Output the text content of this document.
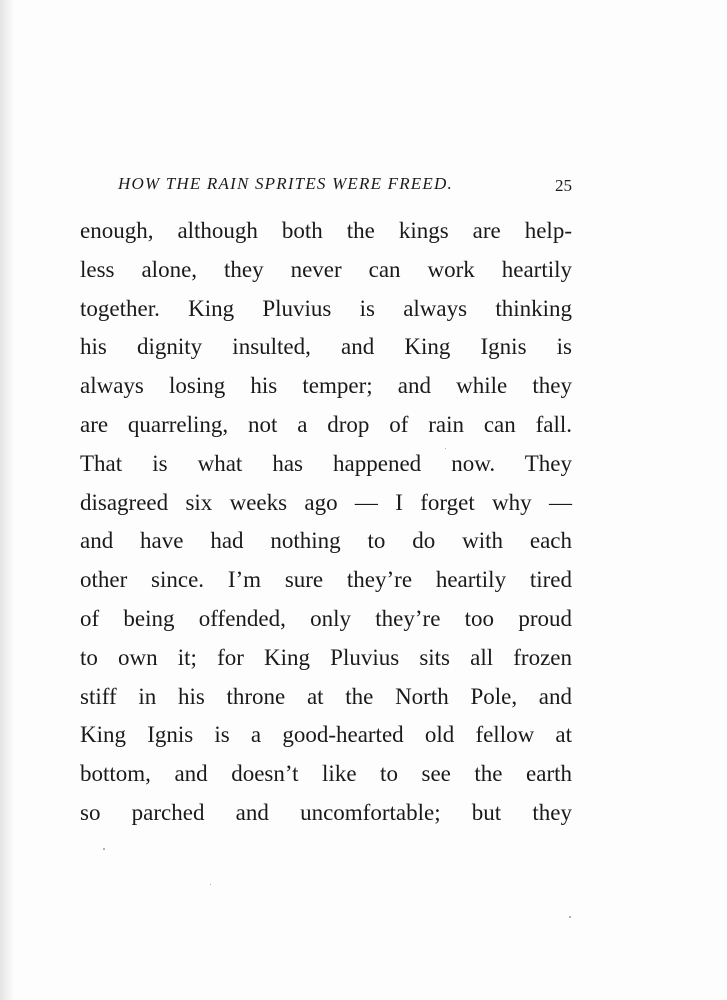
HOW THE RAIN SPRITES WERE FREED.	25
enough, although both the kings are help-
less alone, they never can work heartily
together. King Pluvius is always thinking
his dignity insulted, and King Ignis is
always losing his temper; and while they
are quarreling, not a drop of rain can fall.
That is what has happened now. They
disagreed six weeks ago — I forget why —
and have had nothing to do with each
other since. I’m sure they’re heartily tired
of being offended, only they’re too proud
to own it; for King Pluvius sits all frozen
stiff in his throne at the North Pole, and
King Ignis is a good-hearted old fellow at
bottom, and doesn’t like to see the earth
so parched and uncomfortable; but they
